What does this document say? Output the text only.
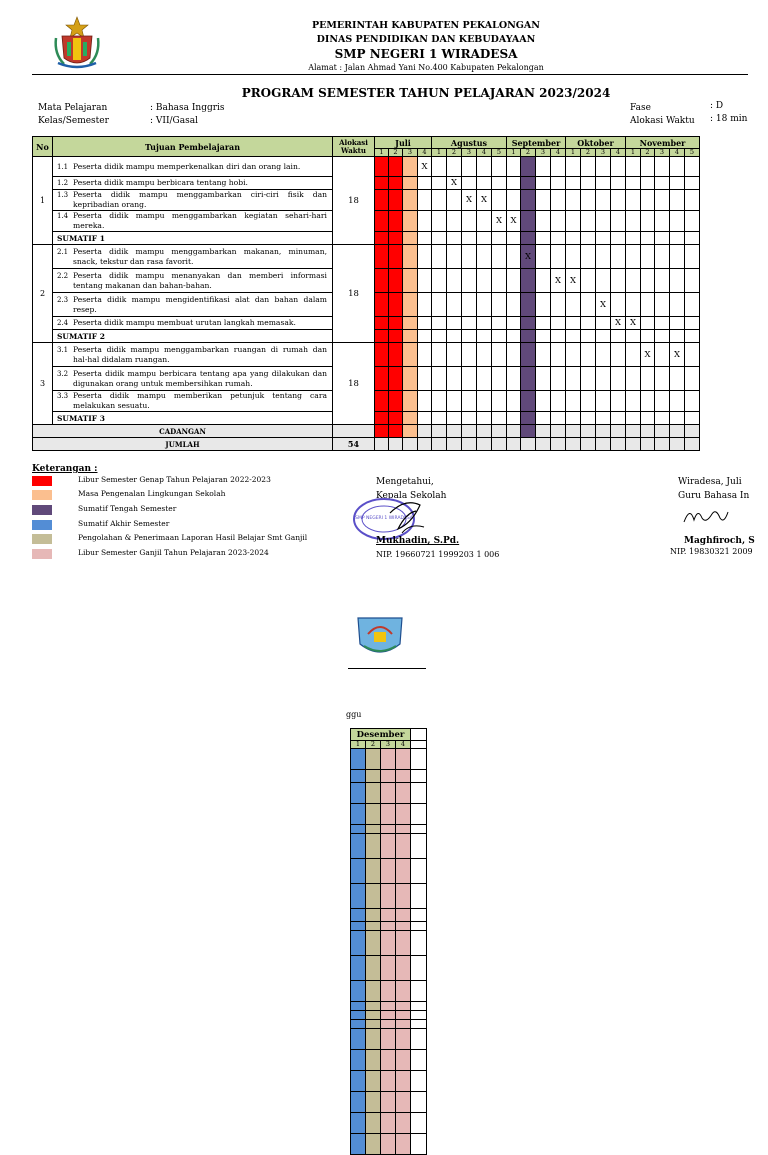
PEMERINTAH KABUPATEN PEKALONGAN
DINAS PENDIDIKAN DAN KEBUDAYAAN
SMP NEGERI 1 WIRADESA
Alamat : Jalan Ahmad Yani No.400 Kabupaten Pekalongan
PROGRAM SEMESTER TAHUN PELAJARAN 2023/2024
Mata Pelajaran	: Bahasa Inggris
Kelas/Semester	: VII/Gasal
Fase	: D
Alokasi Waktu : 18 min
No	Tujuan Pembelajaran	Alokasi
Waktu	Juli				Agustus					September				Oktober				November				
			1	2	3	4	1	2	3	4	5	1	2	3	4	1	2	3	4	1	2	3	4	5
1	1.1 Peserta didik mampu memperkenalkan diri dan orang lain.	18				X																		
	1.2 Peserta didik mampu berbicara tentang hobi.							X																
	1.3 Peserta didik mampu menggambarkan ciri-ciri fisik dan kepribadian orang.								X	X														
	1.4 Peserta didik mampu menggambarkan kegiatan sehari-hari mereka.										X	X												
	SUMATIF 1																							
2	2.1 Peserta didik mampu menggambarkan makanan, minuman, snack, tekstur dan rasa favorit.	18											X											
	2.2 Peserta didik mampu menanyakan dan memberi informasi tentang makanan dan bahan-bahan.														X	X								
	2.3 Peserta didik mampu mengidentifikasi alat dan bahan dalam resep.																	X						
	2.4 Peserta didik mampu membuat urutan langkah memasak.																		X	X				
	SUMATIF 2																							
3	3.1 Peserta didik mampu menggambarkan ruangan di rumah dan hal-hal didalam ruangan.	18																			X		X	
	3.2 Peserta didik mampu berbicara tentang apa yang dilakukan dan digunakan orang untuk membersihkan rumah.																							
	3.3 Peserta didik mampu memberikan petunjuk tentang cara melakukan sesuatu.																							
	SUMATIF 3																							
CADANGAN																								
JUMLAH		54																						
Keterangan :
Libur Semester Genap Tahun Pelajaran 2022-2023
Masa Pengenalan Lingkungan Sekolah
Sumatif Tengah Semester
Sumatif Akhir Semester
Pengolahan & Penerimaan Laporan Hasil Belajar Smt Ganjil
Libur Semester Ganjil Tahun Pelajaran 2023-2024
Mengetahui,
Kepala Sekolah
SMP NEGERI 1 WIRADESA
Mukhadin, S.Pd.
NIP. 19660721 1999203 1 006
Wiradesa, Juli
Guru Bahasa In
Maghfiroch, S
NIP. 19830321 2009
ggu
Desember				
1	2	3	4	
